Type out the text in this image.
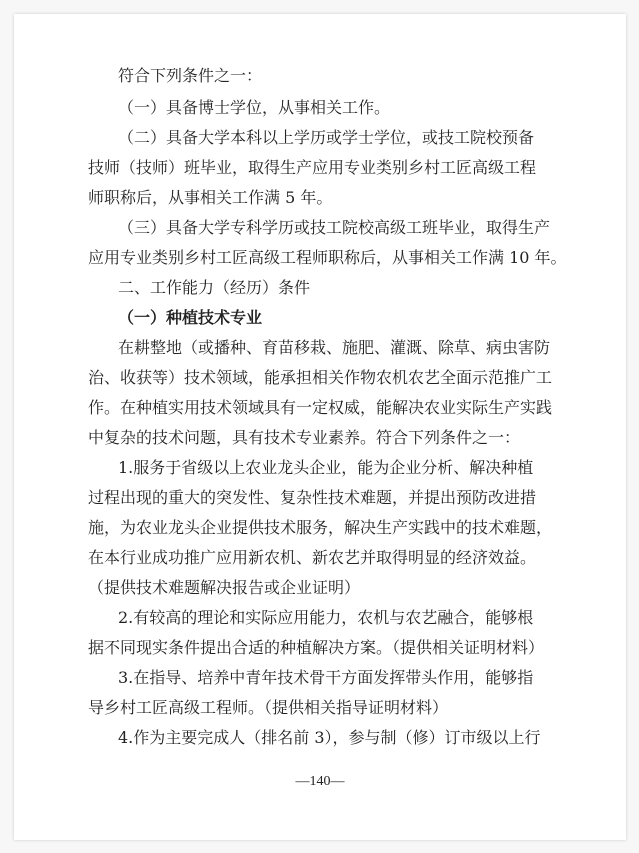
符合下列条件之一：
（一）具备博士学位，从事相关工作。
（二）具备大学本科以上学历或学士学位，或技工院校预备
技师（技师）班毕业，取得生产应用专业类别乡村工匠高级工程
师职称后，从事相关工作满 5 年。
（三）具备大学专科学历或技工院校高级工班毕业，取得生产
应用专业类别乡村工匠高级工程师职称后，从事相关工作满 10 年。
二、工作能力（经历）条件
（一）种植技术专业
在耕整地（或播种、育苗移栽、施肥、灌溉、除草、病虫害防
治、收获等）技术领域，能承担相关作物农机农艺全面示范推广工
作。在种植实用技术领域具有一定权威，能解决农业实际生产实践
中复杂的技术问题，具有技术专业素养。符合下列条件之一：
1.服务于省级以上农业龙头企业，能为企业分析、解决种植
过程出现的重大的突发性、复杂性技术难题，并提出预防改进措
施，为农业龙头企业提供技术服务，解决生产实践中的技术难题，
在本行业成功推广应用新农机、新农艺并取得明显的经济效益。
（提供技术难题解决报告或企业证明）
2.有较高的理论和实际应用能力，农机与农艺融合，能够根
据不同现实条件提出合适的种植解决方案。（提供相关证明材料）
3.在指导、培养中青年技术骨干方面发挥带头作用，能够指
导乡村工匠高级工程师。（提供相关指导证明材料）
4.作为主要完成人（排名前 3），参与制（修）订市级以上行
—140—
